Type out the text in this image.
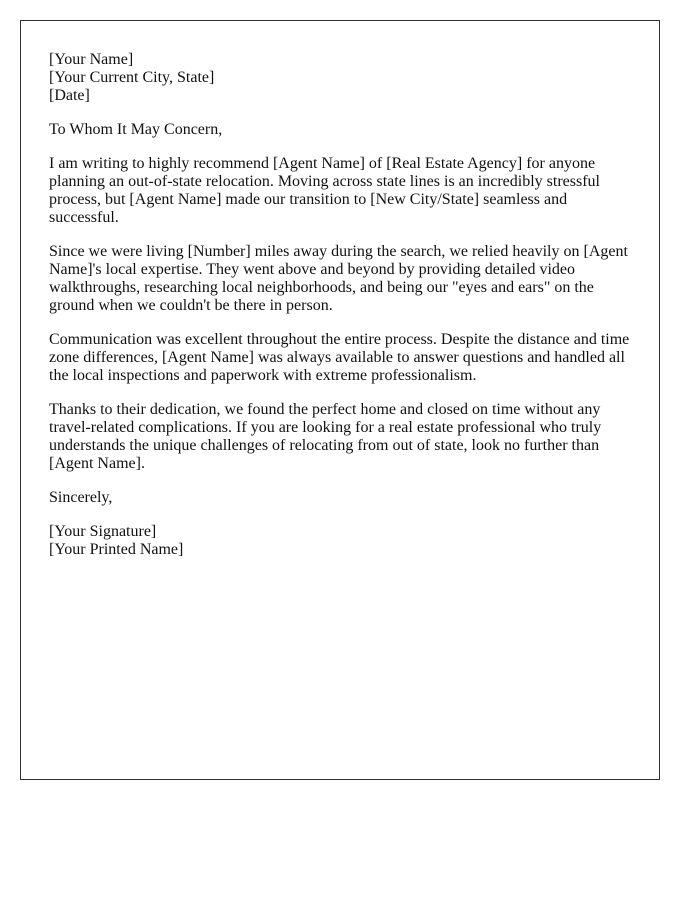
[Your Name]
[Your Current City, State]
[Date]

To Whom It May Concern,

I am writing to highly recommend [Agent Name] of [Real Estate Agency] for anyone planning an out-of-state relocation. Moving across state lines is an incredibly stressful process, but [Agent Name] made our transition to [New City/State] seamless and successful.

Since we were living [Number] miles away during the search, we relied heavily on [Agent Name]'s local expertise. They went above and beyond by providing detailed video walkthroughs, researching local neighborhoods, and being our "eyes and ears" on the ground when we couldn't be there in person.

Communication was excellent throughout the entire process. Despite the distance and time zone differences, [Agent Name] was always available to answer questions and handled all the local inspections and paperwork with extreme professionalism.

Thanks to their dedication, we found the perfect home and closed on time without any travel-related complications. If you are looking for a real estate professional who truly understands the unique challenges of relocating from out of state, look no further than [Agent Name].

Sincerely,

[Your Signature]
[Your Printed Name]
